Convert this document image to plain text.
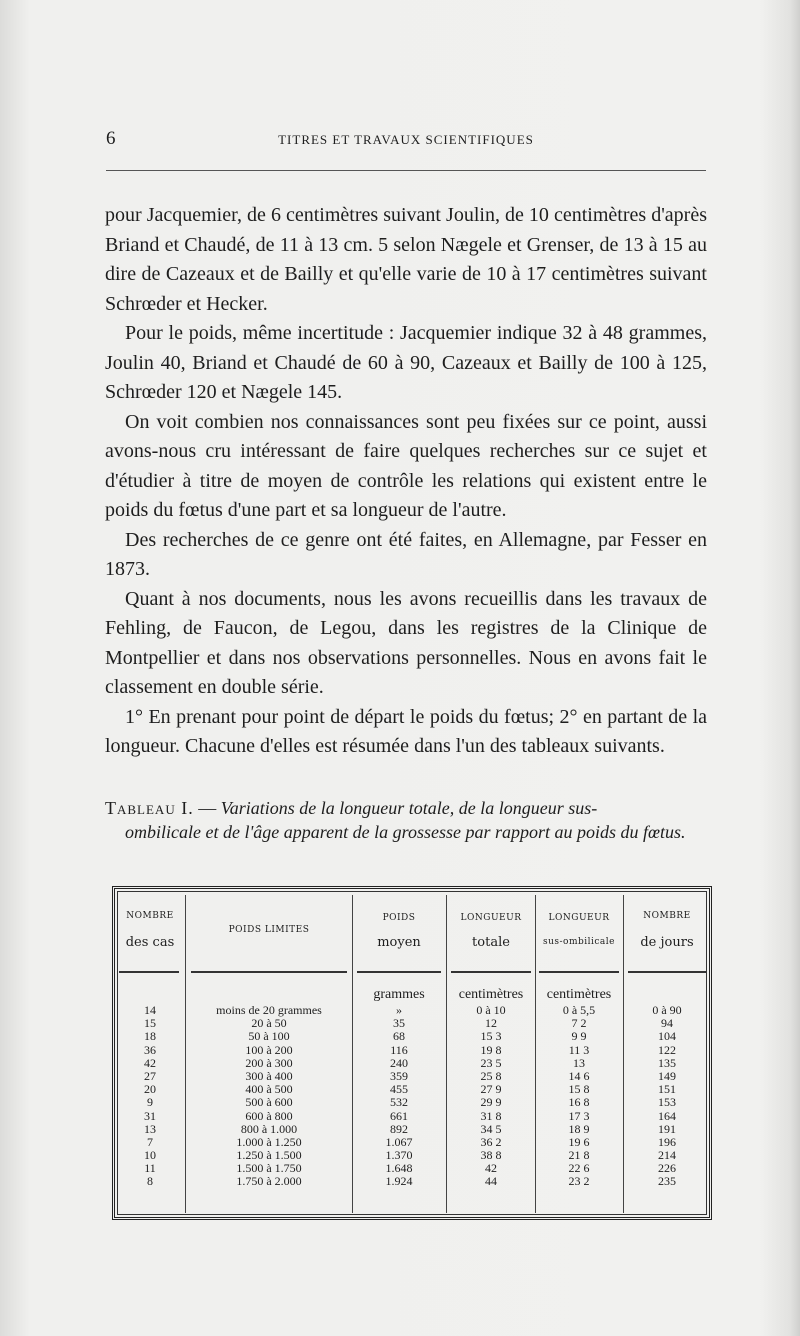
6	TITRES ET TRAVAUX SCIENTIFIQUES

pour Jacquemier, de 6 centimètres suivant Joulin, de 10 centimètres d'après Briand et Chaudé, de 11 à 13 cm. 5 selon Nægele et Grenser, de 13 à 15 au dire de Cazeaux et de Bailly et qu'elle varie de 10 à 17 centimètres suivant Schrœder et Hecker.

Pour le poids, même incertitude : Jacquemier indique 32 à 48 grammes, Joulin 40, Briand et Chaudé de 60 à 90, Cazeaux et Bailly de 100 à 125, Schrœder 120 et Nægele 145.

On voit combien nos connaissances sont peu fixées sur ce point, aussi avons-nous cru intéressant de faire quelques recherches sur ce sujet et d'étudier à titre de moyen de contrôle les relations qui existent entre le poids du fœtus d'une part et sa longueur de l'autre.

Des recherches de ce genre ont été faites, en Allemagne, par Fesser en 1873.

Quant à nos documents, nous les avons recueillis dans les travaux de Fehling, de Faucon, de Legou, dans les registres de la Clinique de Montpellier et dans nos observations personnelles. Nous en avons fait le classement en double série.

1° En prenant pour point de départ le poids du fœtus; 2° en partant de la longueur. Chacune d'elles est résumée dans l'un des tableaux suivants.

Tableau I. — Variations de la longueur totale, de la longueur sus-
ombilicale et de l'âge apparent de la grossesse par rapport au poids du fœtus.
NOMBRE
des cas
POIDS LIMITES
POIDS
moyen
LONGUEUR
totale
LONGUEUR
sus-ombilicale
NOMBRE
de jours

14
15
18
36
42
27
20
9
31
13
7
10
11
8

moins de 20 grammes
20 à 50
50 à 100
100 à 200
200 à 300
300 à 400
400 à 500
500 à 600
600 à 800
800 à 1.000
1.000 à 1.250
1.250 à 1.500
1.500 à 1.750
1.750 à 2.000
grammes
»
35
68
116
240
359
455
532
661
892
1.067
1.370
1.648
1.924
centimètres
0 à 10
12
15 3
19 8
23 5
25 8
27 9
29 9
31 8
34 5
36 2
38 8
42
44
centimètres
0 à 5,5
7 2
9 9
11 3
13
14 6
15 8
16 8
17 3
18 9
19 6
21 8
22 6
23 2

0 à 90
94
104
122
135
149
151
153
164
191
196
214
226
235
